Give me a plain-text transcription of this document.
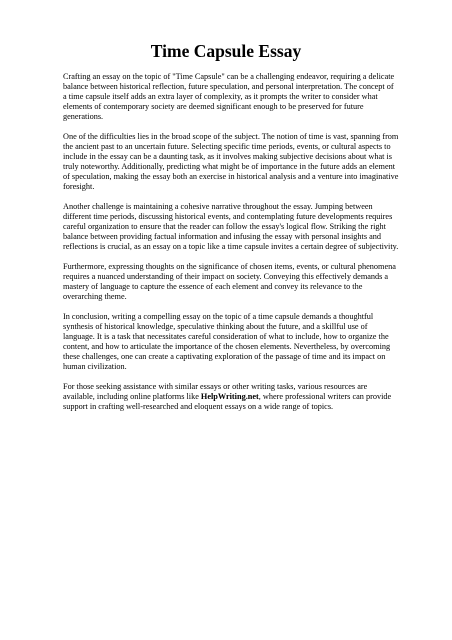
Time Capsule Essay

Crafting an essay on the topic of "Time Capsule" can be a challenging endeavor, requiring a delicate balance between historical reflection, future speculation, and personal interpretation. The concept of a time capsule itself adds an extra layer of complexity, as it prompts the writer to consider what elements of contemporary society are deemed significant enough to be preserved for future generations.

One of the difficulties lies in the broad scope of the subject. The notion of time is vast, spanning from the ancient past to an uncertain future. Selecting specific time periods, events, or cultural aspects to include in the essay can be a daunting task, as it involves making subjective decisions about what is truly noteworthy. Additionally, predicting what might be of importance in the future adds an element of speculation, making the essay both an exercise in historical analysis and a venture into imaginative foresight.

Another challenge is maintaining a cohesive narrative throughout the essay. Jumping between different time periods, discussing historical events, and contemplating future developments requires careful organization to ensure that the reader can follow the essay's logical flow. Striking the right balance between providing factual information and infusing the essay with personal insights and reflections is crucial, as an essay on a topic like a time capsule invites a certain degree of subjectivity.

Furthermore, expressing thoughts on the significance of chosen items, events, or cultural phenomena requires a nuanced understanding of their impact on society. Conveying this effectively demands a mastery of language to capture the essence of each element and convey its relevance to the overarching theme.

In conclusion, writing a compelling essay on the topic of a time capsule demands a thoughtful synthesis of historical knowledge, speculative thinking about the future, and a skillful use of language. It is a task that necessitates careful consideration of what to include, how to organize the content, and how to articulate the importance of the chosen elements. Nevertheless, by overcoming these challenges, one can create a captivating exploration of the passage of time and its impact on human civilization.

For those seeking assistance with similar essays or other writing tasks, various resources are available, including online platforms like HelpWriting.net, where professional writers can provide support in crafting well-researched and eloquent essays on a wide range of topics.
